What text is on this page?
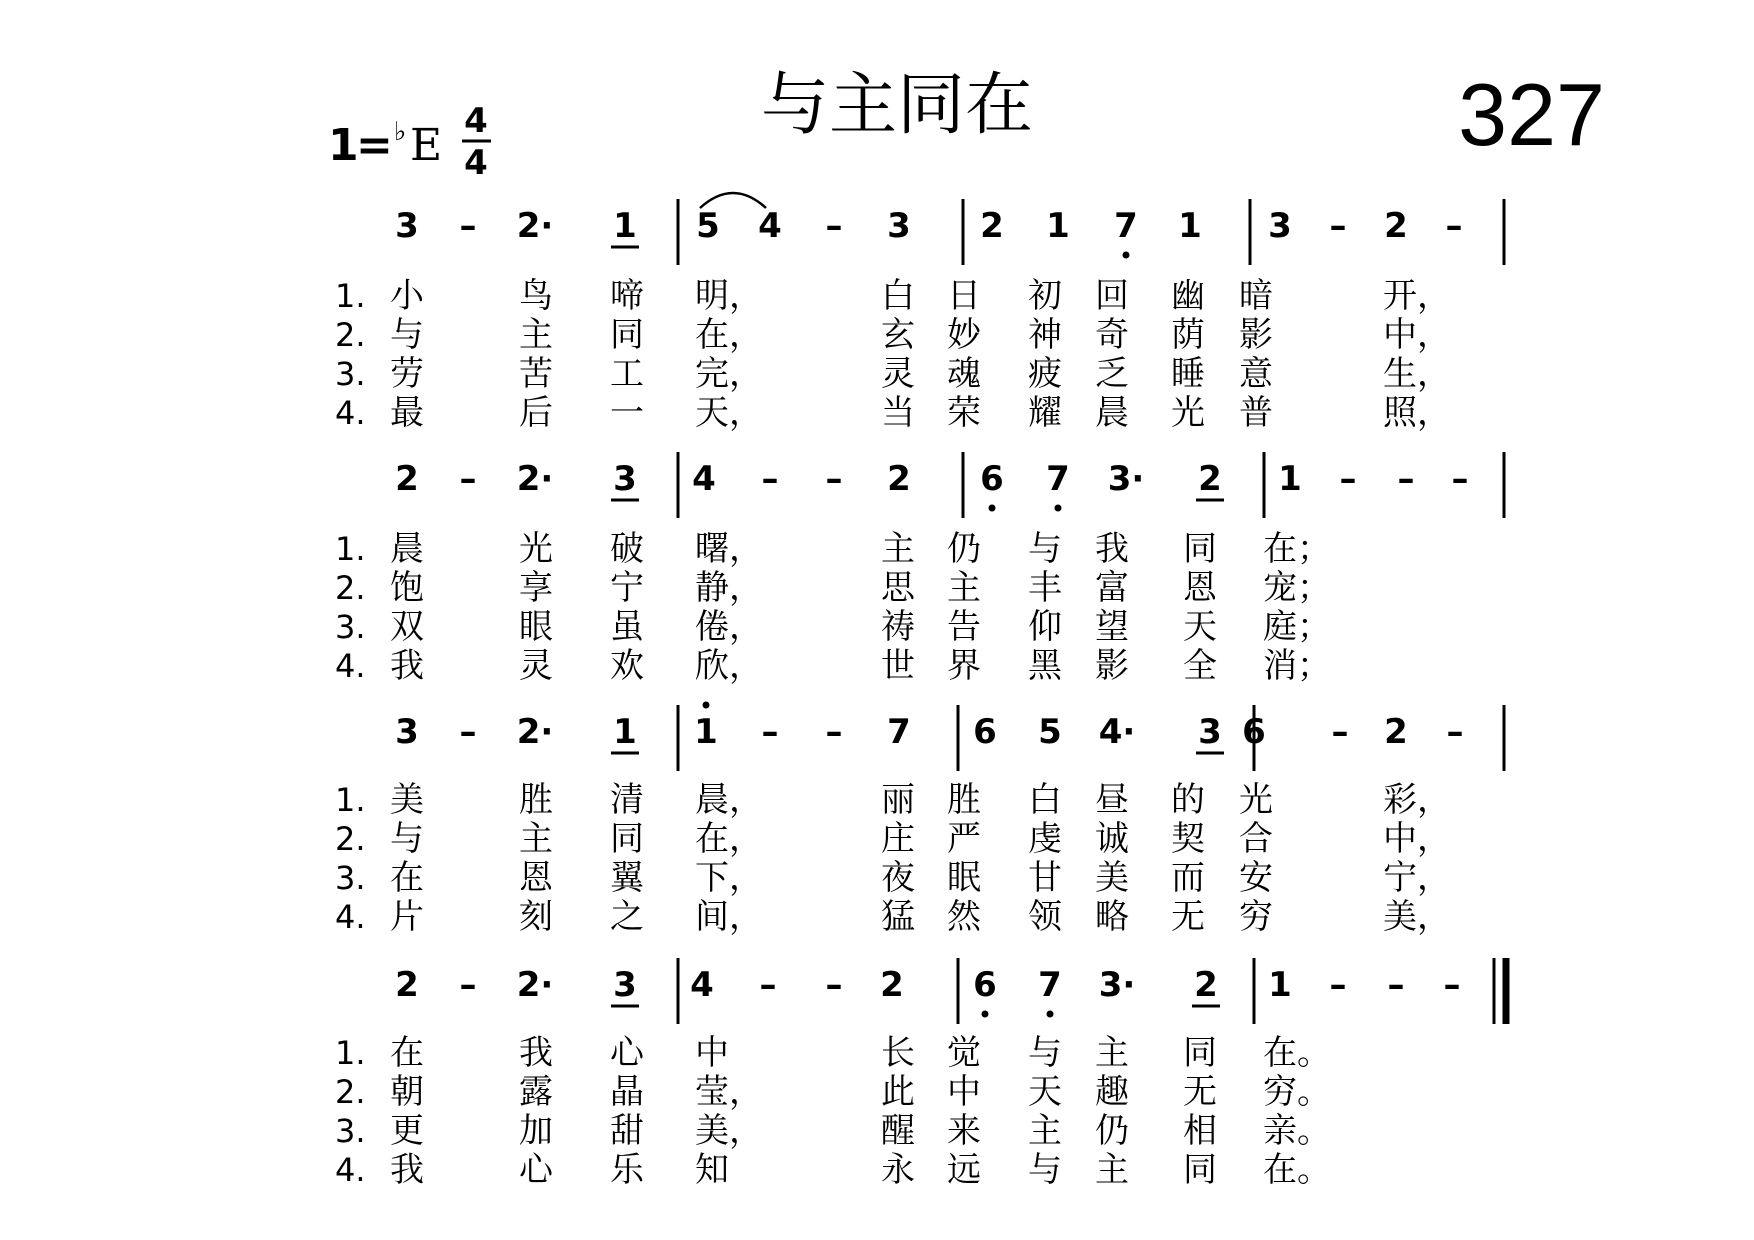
与主同在	327
1
= ♭ E 4
4
3 – 2· 1 5 4 – 3 2 1 7 1 3 – 2 –
1. 小	鸟 啼 明，	白 日 初 回 幽 暗	开，
2. 与	主 同 在，	玄 妙 神 奇 荫 影	中，
3. 劳	苦 工 完，	灵 魂 疲 乏 睡 意	生，
4. 最	后 一 天，	当 荣 耀 晨 光 普	照，
2 – 2· 3 4 – – 2 6 7 3· 2 1 – – –
1. 晨	光 破 曙，	主 仍 与 我 同 在；
2. 饱	享 宁 静，	思 主 丰 富 恩 宠；
3. 双	眼 虽 倦，	祷 告 仰 望 天 庭；
4. 我	灵 欢 欣，	世 界 黑 影 全 消；
3 – 2· 1 1 – – 7 6 5 4· 3 6 – 2 –
1. 美	胜 清 晨，	丽 胜 白 昼 的 光	彩，
2. 与	主 同 在，	庄 严 虔 诚 契 合	中，
3. 在	恩 翼 下，	夜 眠 甘 美 而 安	宁，
4. 片	刻 之 间，	猛 然 领 略 无 穷	美，
2 – 2· 3 4 – – 2 6 7 3· 2 1 – – –
1. 在	我 心 中	长 觉 与 主 同 在。
2. 朝	露 晶 莹，	此 中 天 趣 无 穷。
3. 更	加 甜 美，	醒 来 主 仍 相 亲。
4. 我	心 乐 知	永 远 与 主 同 在。
